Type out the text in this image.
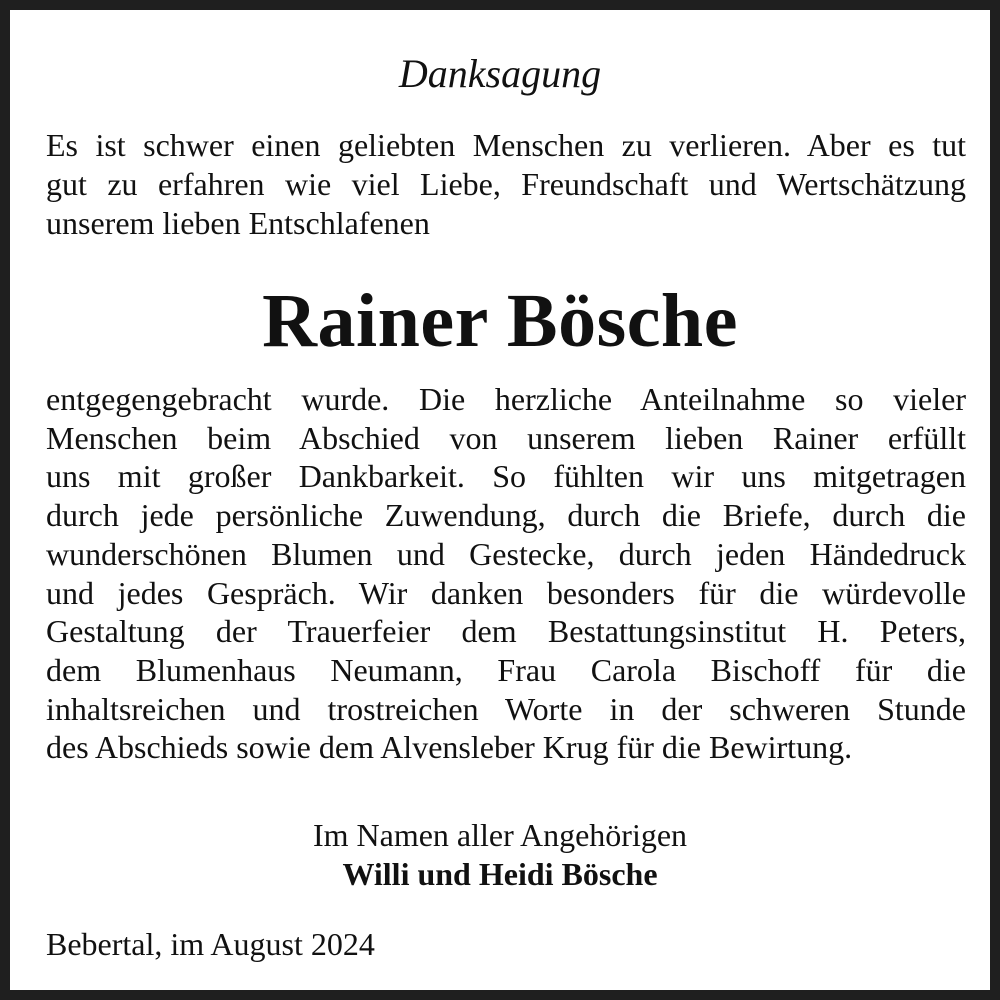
Danksagung

Es ist schwer einen geliebten Menschen zu verlieren. Aber es tut
gut zu erfahren wie viel Liebe, Freundschaft und Wertschätzung
unserem lieben Entschlafenen

Rainer Bösche

entgegengebracht wurde. Die herzliche Anteilnahme so vieler
Menschen beim Abschied von unserem lieben Rainer erfüllt
uns mit großer Dankbarkeit. So fühlten wir uns mitgetragen
durch jede persönliche Zuwendung, durch die Briefe, durch die
wunderschönen Blumen und Gestecke, durch jeden Händedruck
und jedes Gespräch. Wir danken besonders für die würdevolle
Gestaltung der Trauerfeier dem Bestattungsinstitut H. Peters,
dem Blumenhaus Neumann, Frau Carola Bischoff für die
inhaltsreichen und trostreichen Worte in der schweren Stunde
des Abschieds sowie dem Alvensleber Krug für die Bewirtung.

Im Namen aller Angehörigen
Willi und Heidi Bösche
Bebertal, im August 2024
